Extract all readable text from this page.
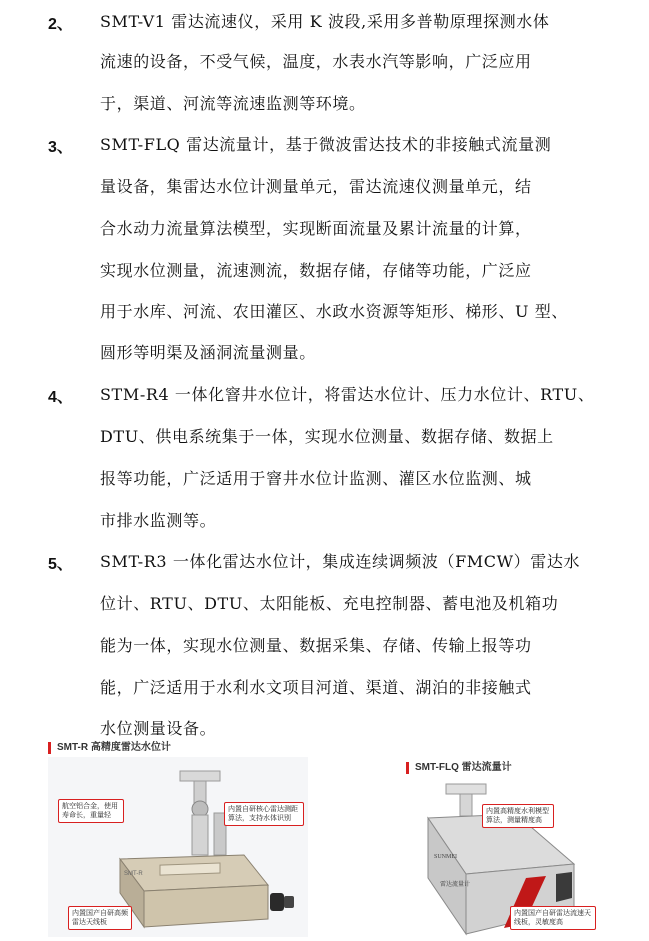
2、 SMT-V1 雷达流速仪，采用 K 波段,采用多普勒原理探测水体
流速的设备，不受气候，温度，水表水汽等影响，广泛应用
于，渠道、河流等流速监测等环境。
3、 SMT-FLQ 雷达流量计，基于微波雷达技术的非接触式流量测
量设备，集雷达水位计测量单元，雷达流速仪测量单元，结
合水动力流量算法模型，实现断面流量及累计流量的计算，
实现水位测量，流速测流，数据存储，存储等功能，广泛应
用于水库、河流、农田灌区、水政水资源等矩形、梯形、U 型、
圆形等明渠及涵洞流量测量。
4、 STM-R4 一体化窨井水位计，将雷达水位计、压力水位计、RTU、
DTU、供电系统集于一体，实现水位测量、数据存储、数据上
报等功能，广泛适用于窨井水位计监测、灌区水位监测、城
市排水监测等。
5、 SMT-R3 一体化雷达水位计，集成连续调频波（FMCW）雷达水
位计、RTU、DTU、太阳能板、充电控制器、蓄电池及机箱功
能为一体，实现水位测量、数据采集、存储、传输上报等功
能，广泛适用于水利水文项目河道、渠道、湖泊的非接触式
水位测量设备。
SMT-R 高精度雷达水位计
SMT-R
航空铝合金，使用寿命长，重量轻
内置自研核心雷达测距算法，支持水体识别
内置国产自研高频雷达天线板
SMT-FLQ 雷达流量计
SUNMEI
雷达流量计
内置高精度水利模型算法，测量精度高
内置国产自研雷达流速天线板，灵敏度高
